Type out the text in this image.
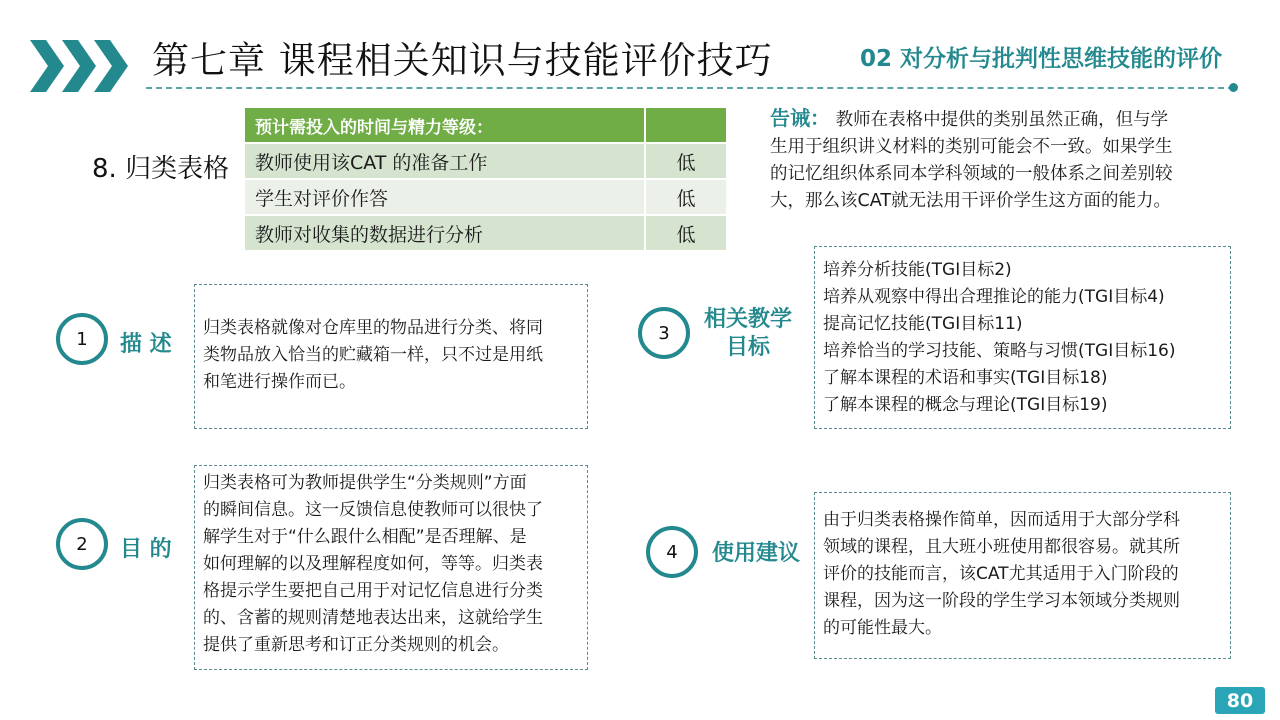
第七章 课程相关知识与技能评价技巧	02 对分析与批判性思维技能的评价
8. 归类表格
预计需投入的时间与精力等级：	
教师使用该CAT 的准备工作	低
学生对评价作答	低
教师对收集的数据进行分析	低
告诫： 教师在表格中提供的类别虽然正确，但与学
生用于组织讲义材料的类别可能会不一致。如果学生
的记忆组织体系同本学科领域的一般体系之间差别较
大，那么该CAT就无法用干评价学生这方面的能力。
1	描 述

归类表格就像对仓库里的物品进行分类、将同

类物品放入恰当的贮藏箱一样，只不过是用纸

和笔进行操作而已。

2	目 的

归类表格可为教师提供学生“分类规则”方面

的瞬间信息。这一反馈信息使教师可以很快了

解学生对于“什么跟什么相配”是否理解、是

如何理解的以及理解程度如何，等等。归类表

格提示学生要把自己用于对记忆信息进行分类

的、含蓄的规则清楚地表达出来，这就给学生

提供了重新思考和订正分类规则的机会。

3
相关教学
目标

培养分析技能(TGI目标2)

培养从观察中得出合理推论的能力(TGI目标4)

提高记忆技能(TGI目标11)

培养恰当的学习技能、策略与习惯(TGI目标16)

了解本课程的术语和事实(TGI目标18)

了解本课程的概念与理论(TGI目标19)

4	使用建议

由于归类表格操作简单，因而适用于大部分学科

领域的课程，且大班小班使用都很容易。就其所

评价的技能而言，该CAT尤其适用于入门阶段的

课程，因为这一阶段的学生学习本领域分类规则

的可能性最大。

80
